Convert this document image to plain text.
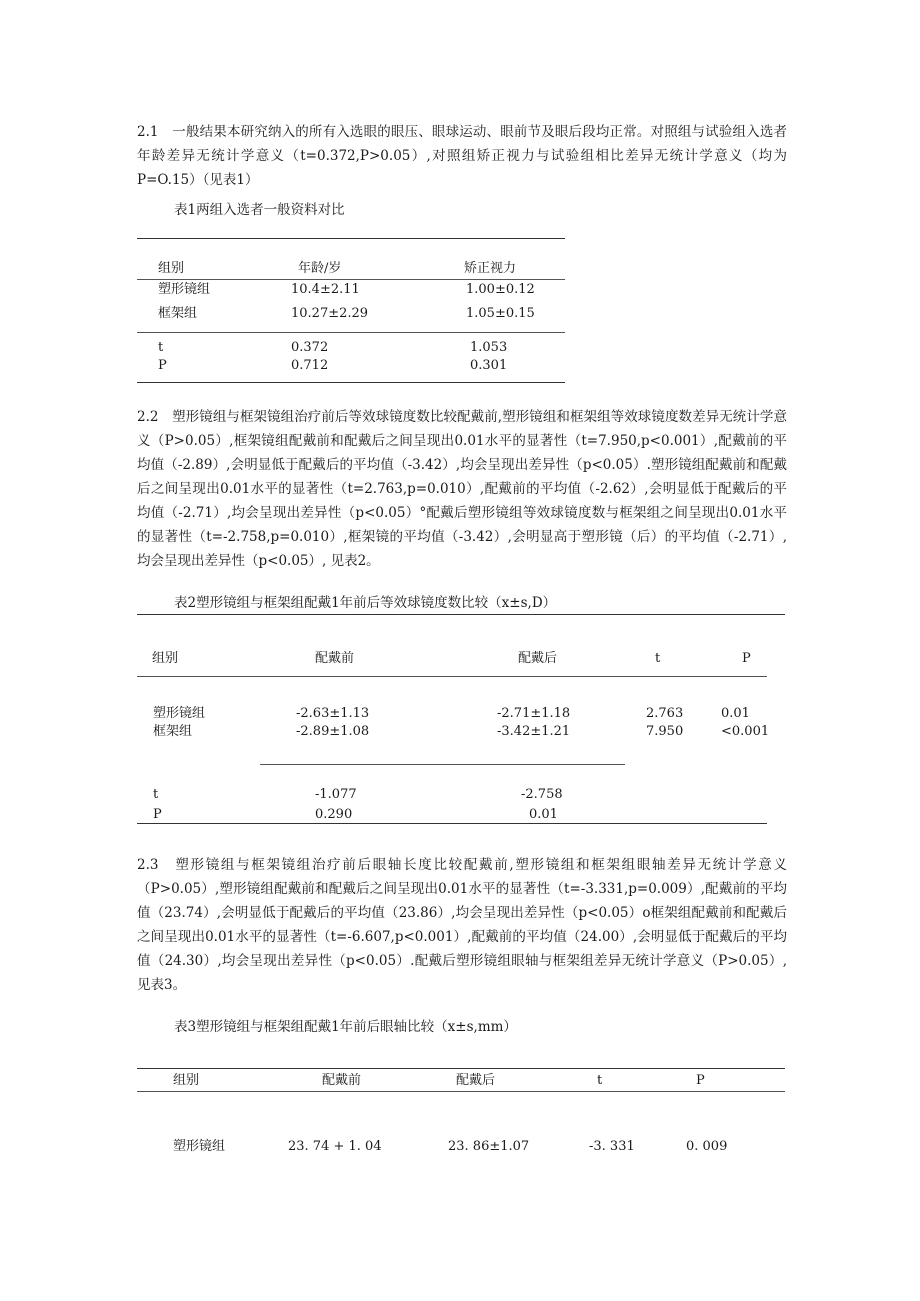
2.1　一般结果本研究纳入的所有入选眼的眼压、眼球运动、眼前节及眼后段均正常。对照组与试验组入选者年龄差异无统计学意义（t=0.372,P>0.05）,对照组矫正视力与试验组相比差异无统计学意义（均为P=O.15）（见表1）

表1两组入选者一般资料对比
组别	年龄/岁	矫正视力
塑形镜组	10.4±2.11	1.00±0.12
框架组	10.27±2.29	1.05±0.15
t	0.372	1.053
P	0.712	0.301

2.2　塑形镜组与框架镜组治疗前后等效球镜度数比较配戴前,塑形镜组和框架组等效球镜度数差异无统计学意义（P>0.05）,框架镜组配戴前和配戴后之间呈现出0.01水平的显著性（t=7.950,p<0.001）,配戴前的平均值（-2.89）,会明显低于配戴后的平均值（-3.42）,均会呈现出差异性（p<0.05）.塑形镜组配戴前和配戴后之间呈现出0.01水平的显著性（t=2.763,p=0.010）,配戴前的平均值（-2.62）,会明显低于配戴后的平均值（-2.71）,均会呈现出差异性（p<0.05）°配戴后塑形镜组等效球镜度数与框架组之间呈现出0.01水平的显著性（t=-2.758,p=0.010）,框架镜的平均值（-3.42）,会明显高于塑形镜（后）的平均值（-2.71）,均会呈现出差异性（p<0.05）, 见表2。

表2塑形镜组与框架组配戴1年前后等效球镜度数比较（x±s,D）
组别	配戴前	配戴后	t	P
塑形镜组	-2.63±1.13	-2.71±1.18	2.763	0.01
框架组	-2.89±1.08	-3.42±1.21	7.950	<0.001
t	-1.077	-2.758
P	0.290	0.01

2.3　塑形镜组与框架镜组治疗前后眼轴长度比较配戴前,塑形镜组和框架组眼轴差异无统计学意义（P>0.05）,塑形镜组配戴前和配戴后之间呈现出0.01水平的显著性（t=-3.331,p=0.009）,配戴前的平均值（23.74）,会明显低于配戴后的平均值（23.86）,均会呈现出差异性（p<0.05）o框架组配戴前和配戴后之间呈现出0.01水平的显著性（t=-6.607,p<0.001）,配戴前的平均值（24.00）,会明显低于配戴后的平均值（24.30）,均会呈现出差异性（p<0.05）.配戴后塑形镜组眼轴与框架组差异无统计学意义（P>0.05）, 见表3。

表3塑形镜组与框架组配戴1年前后眼轴比较（x±s,mm）
组别	配戴前	配戴后	t	P
塑形镜组	23. 74 + 1. 04	23. 86±1.07	-3. 331	0. 009
